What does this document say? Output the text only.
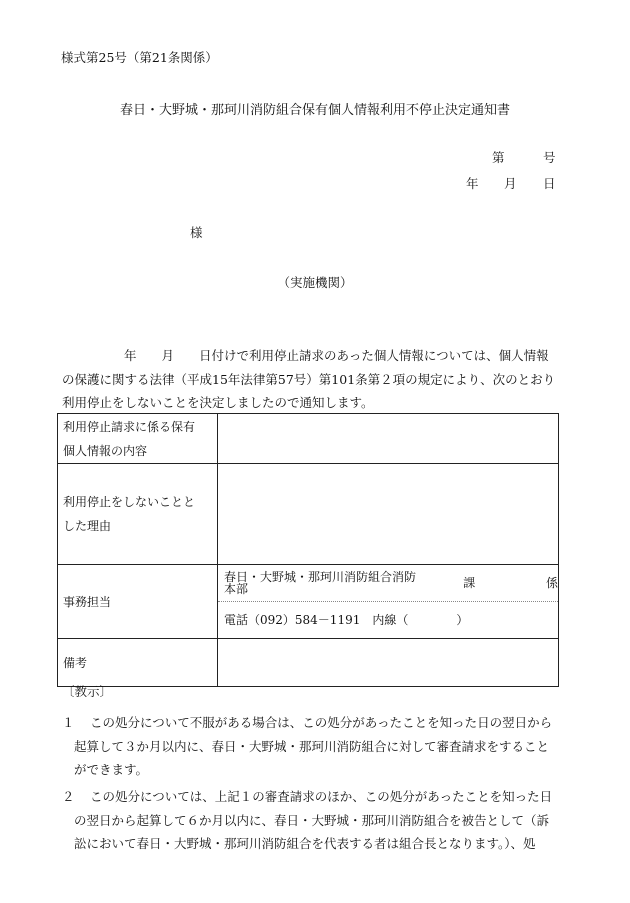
様式第25号（第21条関係）
春日・大野城・那珂川消防組合保有個人情報利用不停止決定通知書
第	号
年 月 日
様
（実施機関）
年　　月　　日付けで利用停止請求のあった個人情報については、個人情報
の保護に関する法律（平成15年法律第57号）第101条第２項の規定により、次のとおり
利用停止をしないことを決定しましたので通知します。
利用停止請求に係る保有
個人情報の内容	

利用停止をしないことと
した理由	

事務担当	春日・大野城・那珂川消防組合消防本部 課 係
電話（092）584－1191　内線（　　　　）

備考	
〔教示〕
１ この処分について不服がある場合は、この処分があったことを知った日の翌日から
起算して３か月以内に、春日・大野城・那珂川消防組合に対して審査請求をすること
ができます。
２ この処分については、上記１の審査請求のほか、この処分があったことを知った日
の翌日から起算して６か月以内に、春日・大野城・那珂川消防組合を被告として（訴
訟において春日・大野城・那珂川消防組合を代表する者は組合長となります。）、処
